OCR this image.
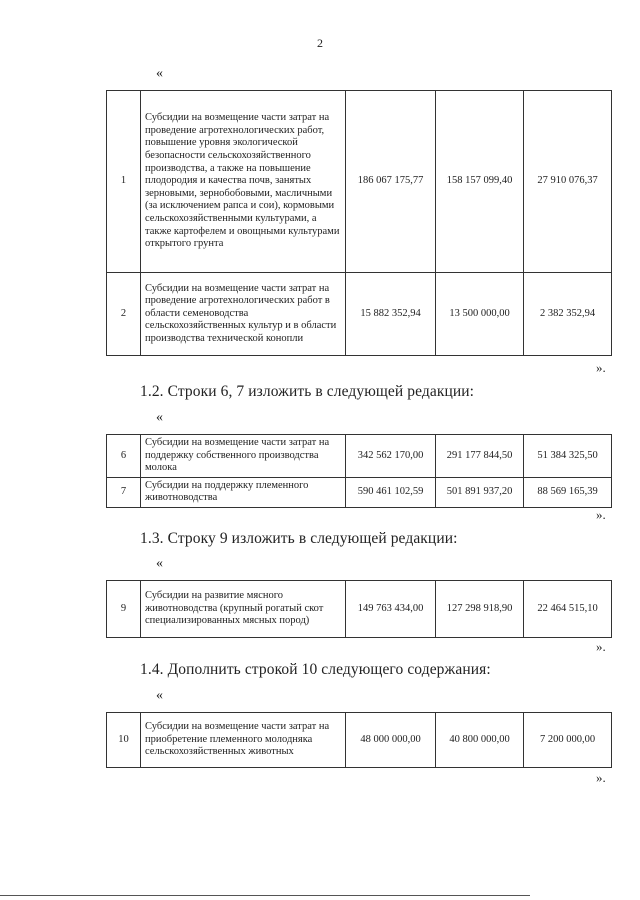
2
«
1	Субсидии на возмещение части затрат на проведение агротехнологических работ, повышение уровня экологической безопасности сельскохозяйственного производства, а также на повышение плодородия и качества почв, занятых зерновыми, зернобобовыми, масличными (за исключением рапса и сои), кормовыми сельскохозяйственными культурами, а также картофелем и овощными культурами открытого грунта	186 067 175,77	158 157 099,40	27 910 076,37
2	Субсидии на возмещение части затрат на проведение агротехнологических работ в области семеноводства сельскохозяйственных культур и в области производства технической конопли	15 882 352,94	13 500 000,00	2 382 352,94
».
1.2. Строки 6, 7 изложить в следующей редакции:
«
6	Субсидии на возмещение части затрат на поддержку собственного производства молока	342 562 170,00	291 177 844,50	51 384 325,50
7	Субсидии на поддержку племенного животноводства	590 461 102,59	501 891 937,20	88 569 165,39
».
1.3. Строку 9 изложить в следующей редакции:
«
9	Субсидии на развитие мясного животноводства (крупный рогатый скот специализированных мясных пород)	149 763 434,00	127 298 918,90	22 464 515,10
».
1.4. Дополнить строкой 10 следующего содержания:
«
10	Субсидии на возмещение части затрат на приобретение племенного молодняка сельскохозяйственных животных	48 000 000,00	40 800 000,00	7 200 000,00
».
